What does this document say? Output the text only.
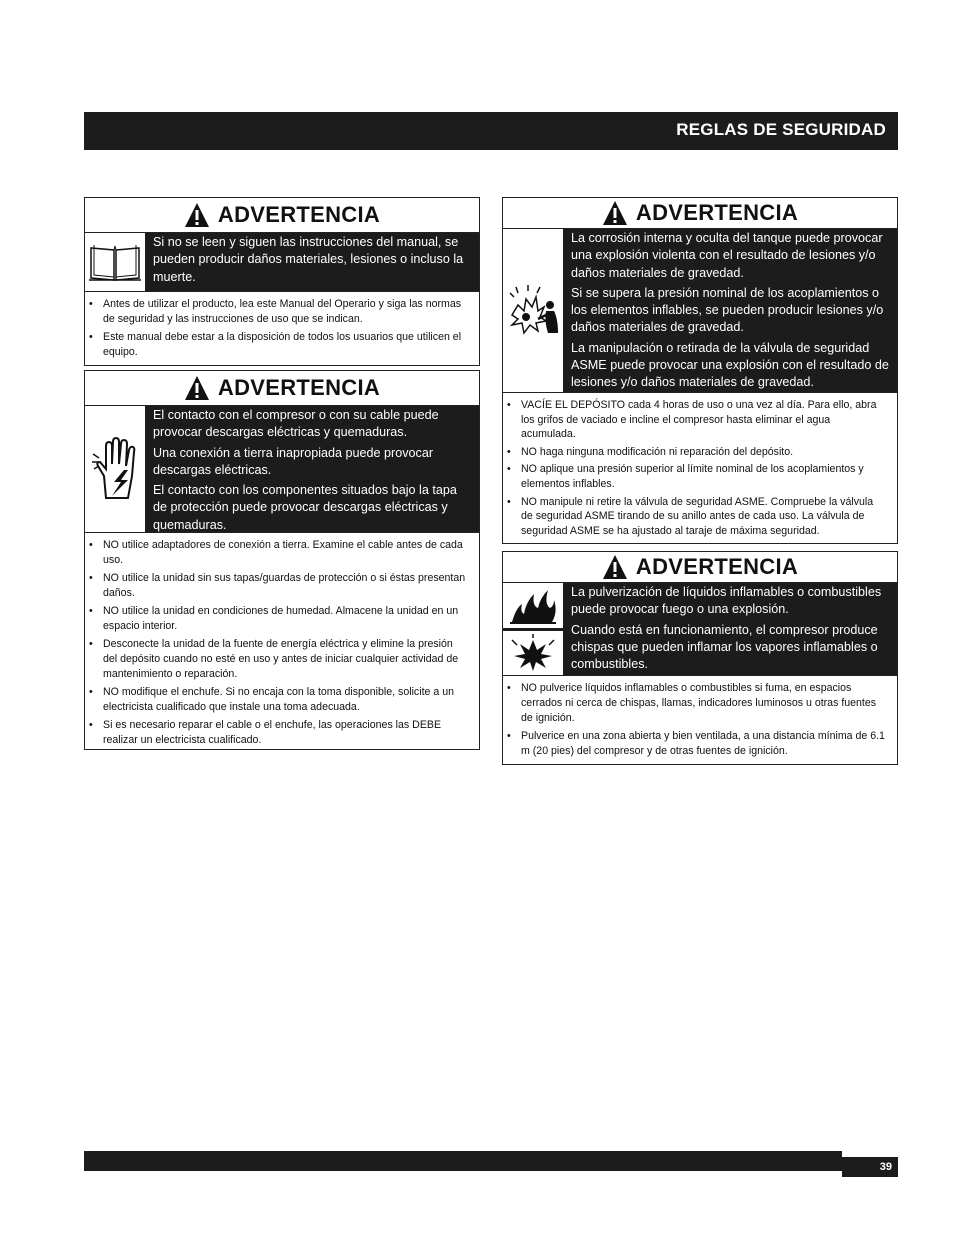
REGLAS DE SEGURIDAD
ADVERTENCIA

Si no se leen y siguen las instrucciones del manual, se pueden producir daños materiales, lesiones o incluso la muerte.

• Antes de utilizar el producto, lea este Manual del Operario y siga las normas de seguridad y las instrucciones de uso que se indican.
• Este manual debe estar a la disposición de todos los usuarios que utilicen el equipo.
ADVERTENCIA

El contacto con el compresor o con su cable puede provocar descargas eléctricas y quemaduras.

Una conexión a tierra inapropiada puede provocar descargas eléctricas.

El contacto con los componentes situados bajo la tapa de protección puede provocar descargas eléctricas y quemaduras.

• NO utilice adaptadores de conexión a tierra. Examine el cable antes de cada uso.
• NO utilice la unidad sin sus tapas/guardas de protección o si éstas presentan daños.
• NO utilice la unidad en condiciones de humedad. Almacene la unidad en un espacio interior.
• Desconecte la unidad de la fuente de energía eléctrica y elimine la presión del depósito cuando no esté en uso y antes de iniciar cualquier actividad de mantenimiento o reparación.
• NO modifique el enchufe. Si no encaja con la toma disponible, solicite a un electricista cualificado que instale una toma adecuada.
• Si es necesario reparar el cable o el enchufe, las operaciones las DEBE realizar un electricista cualificado.
ADVERTENCIA

La corrosión interna y oculta del tanque puede provocar una explosión violenta con el resultado de lesiones y/o daños materiales de gravedad.

Si se supera la presión nominal de los acoplamientos o los elementos inflables, se pueden producir lesiones y/o daños materiales de gravedad.

La manipulación o retirada de la válvula de seguridad ASME puede provocar una explosión con el resultado de lesiones y/o daños materiales de gravedad.

• VACÍE EL DEPÓSITO cada 4 horas de uso o una vez al día. Para ello, abra los grifos de vaciado e incline el compresor hasta eliminar el agua acumulada.
• NO haga ninguna modificación ni reparación del depósito.
• NO aplique una presión superior al límite nominal de los acoplamientos y elementos inflables.
• NO manipule ni retire la válvula de seguridad ASME. Compruebe la válvula de seguridad ASME tirando de su anillo antes de cada uso. La válvula de seguridad ASME se ha ajustado al taraje de máxima seguridad.
ADVERTENCIA

La pulverización de líquidos inflamables o combustibles puede provocar fuego o una explosión.

Cuando está en funcionamiento, el compresor produce chispas que pueden inflamar los vapores inflamables o combustibles.

• NO pulverice líquidos inflamables o combustibles si fuma, en espacios cerrados ni cerca de chispas, llamas, indicadores luminosos u otras fuentes de ignición.
• Pulverice en una zona abierta y bien ventilada, a una distancia mínima de 6.1 m (20 pies) del compresor y de otras fuentes de ignición.
39
